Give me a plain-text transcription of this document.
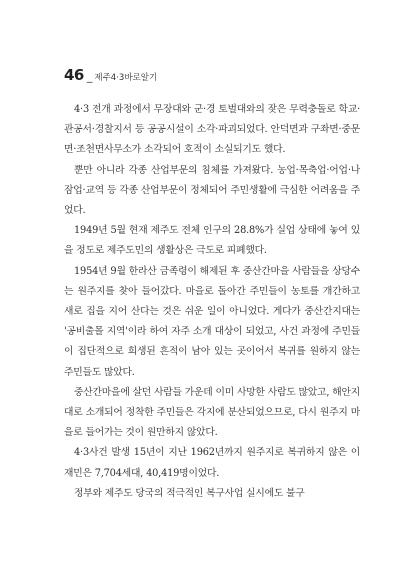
46 _ 제주4·3바로알기

4·3 전개 과정에서 무장대와 군·경 토벌대와의 잦은 무력충돌로 학교·관공서·경찰지서 등 공공시설이 소각·파괴되었다. 안덕면과 구좌면·중문면·조천면사무소가 소각되어 호적이 소실되기도 했다.

뿐만 아니라 각종 산업부문의 침체를 가져왔다. 농업·목축업·어업·나잠업·교역 등 각종 산업부문이 정체되어 주민생활에 극심한 어려움을 주었다.

1949년 5월 현재 제주도 전체 인구의 28.8%가 실업 상태에 놓여 있을 정도로 제주도민의 생활상은 극도로 피폐했다.

1954년 9월 한라산 금족령이 해제된 후 중산간마을 사람들을 상당수는 원주지를 찾아 들어갔다. 마을로 돌아간 주민들이 농토를 개간하고 새로 집을 지어 산다는 것은 쉬운 일이 아니었다. 게다가 중산간지대는 '공비출몰 지역'이라 하여 자주 소개 대상이 되었고, 사건 과정에 주민들이 집단적으로 희생된 흔적이 남아 있는 곳이어서 복귀를 원하지 않는 주민들도 많았다.

중산간마을에 살던 사람들 가운데 이미 사망한 사람도 많았고, 해안지대로 소개되어 정착한 주민들은 각지에 분산되었으므로, 다시 원주지 마을로 들어가는 것이 원만하지 않았다.

4·3사건 발생 15년이 지난 1962년까지 원주지로 복귀하지 않은 이재민은 7,704세대, 40,419명이었다.

정부와 제주도 당국의 적극적인 복구사업 실시에도 불구
